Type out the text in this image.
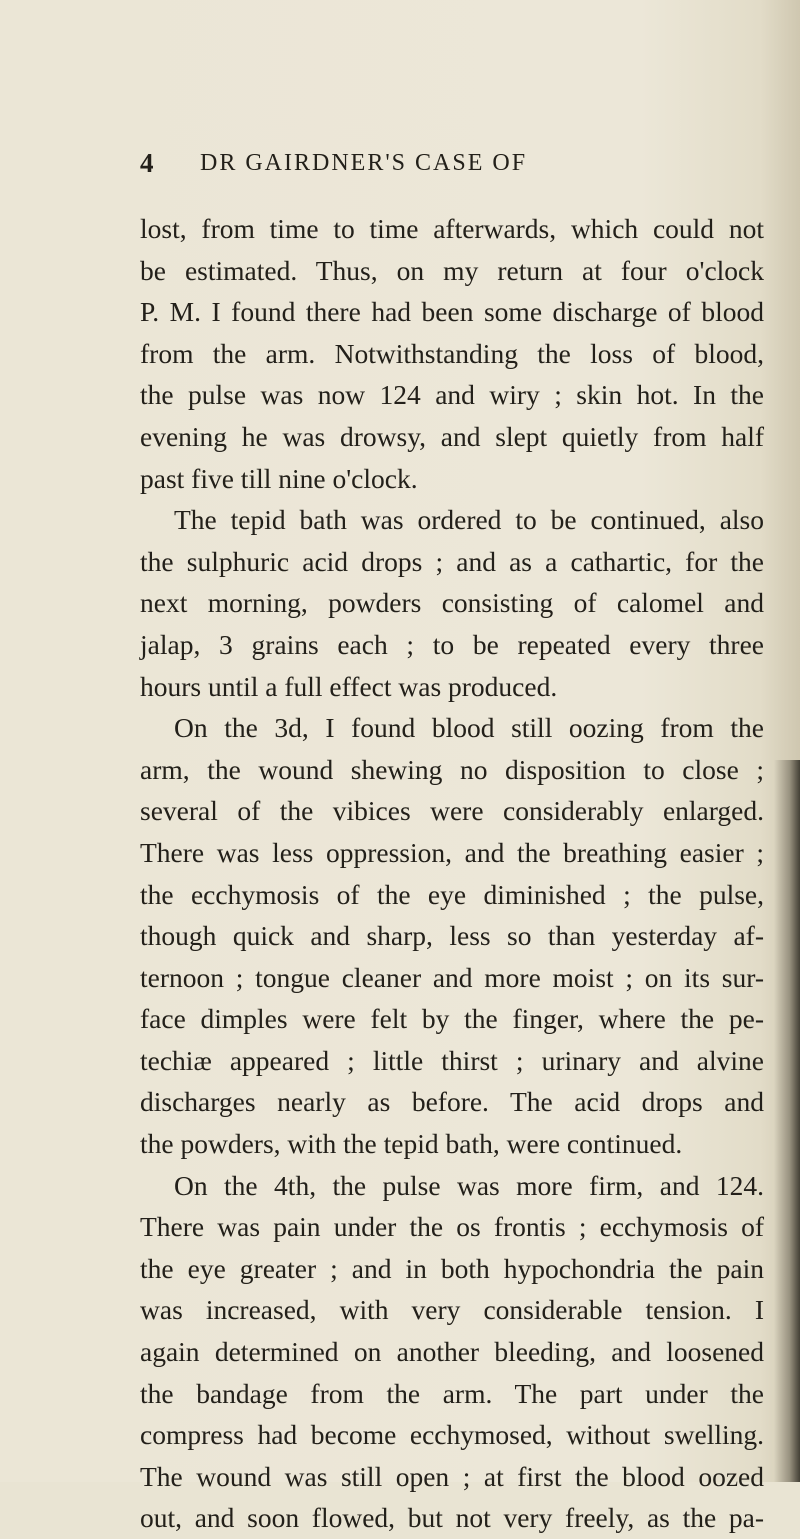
4 DR GAIRDNER'S CASE OF
lost, from time to time afterwards, which could not
be estimated. Thus, on my return at four o'clock
P. M. I found there had been some discharge of blood
from the arm. Notwithstanding the loss of blood,
the pulse was now 124 and wiry ; skin hot. In the
evening he was drowsy, and slept quietly from half
past five till nine o'clock.
The tepid bath was ordered to be continued, also
the sulphuric acid drops ; and as a cathartic, for the
next morning, powders consisting of calomel and
jalap, 3 grains each ; to be repeated every three
hours until a full effect was produced.
On the 3d, I found blood still oozing from the
arm, the wound shewing no disposition to close ;
several of the vibices were considerably enlarged.
There was less oppression, and the breathing easier ;
the ecchymosis of the eye diminished ; the pulse,
though quick and sharp, less so than yesterday af-
ternoon ; tongue cleaner and more moist ; on its sur-
face dimples were felt by the finger, where the pe-
techiæ appeared ; little thirst ; urinary and alvine
discharges nearly as before. The acid drops and
the powders, with the tepid bath, were continued.
On the 4th, the pulse was more firm, and 124.
There was pain under the os frontis ; ecchymosis of
the eye greater ; and in both hypochondria the pain
was increased, with very considerable tension. I
again determined on another bleeding, and loosened
the bandage from the arm. The part under the
compress had become ecchymosed, without swelling.
The wound was still open ; at first the blood oozed
out, and soon flowed, but not very freely, as the pa-
